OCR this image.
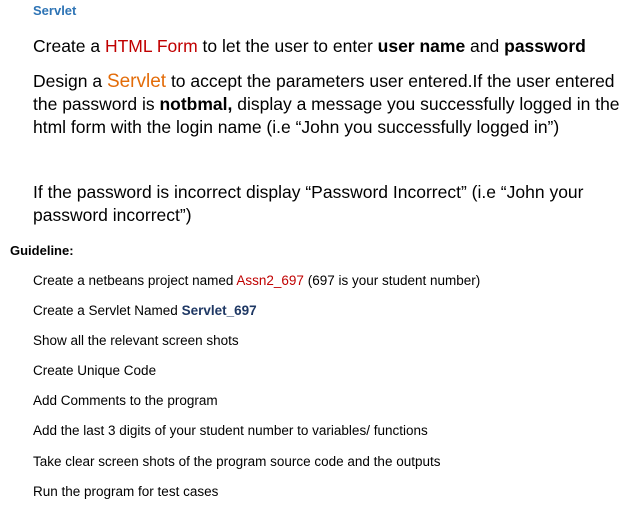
Servlet
Create a HTML Form to let the user to enter user name and password
Design a Servlet to accept the parameters user entered.If the user entered the password is notbmal, display a message you successfully logged in the html form with the login name (i.e “John you successfully logged in”)
If the password is incorrect display “Password Incorrect” (i.e “John your password incorrect”)
Guideline:
Create a netbeans project named Assn2_697 (697 is your student number)
Create a Servlet Named Servlet_697
Show all the relevant screen shots
Create Unique Code
Add Comments to the program
Add the last 3 digits of your student number to variables/ functions
Take clear screen shots of the program source code and the outputs
Run the program for test cases
